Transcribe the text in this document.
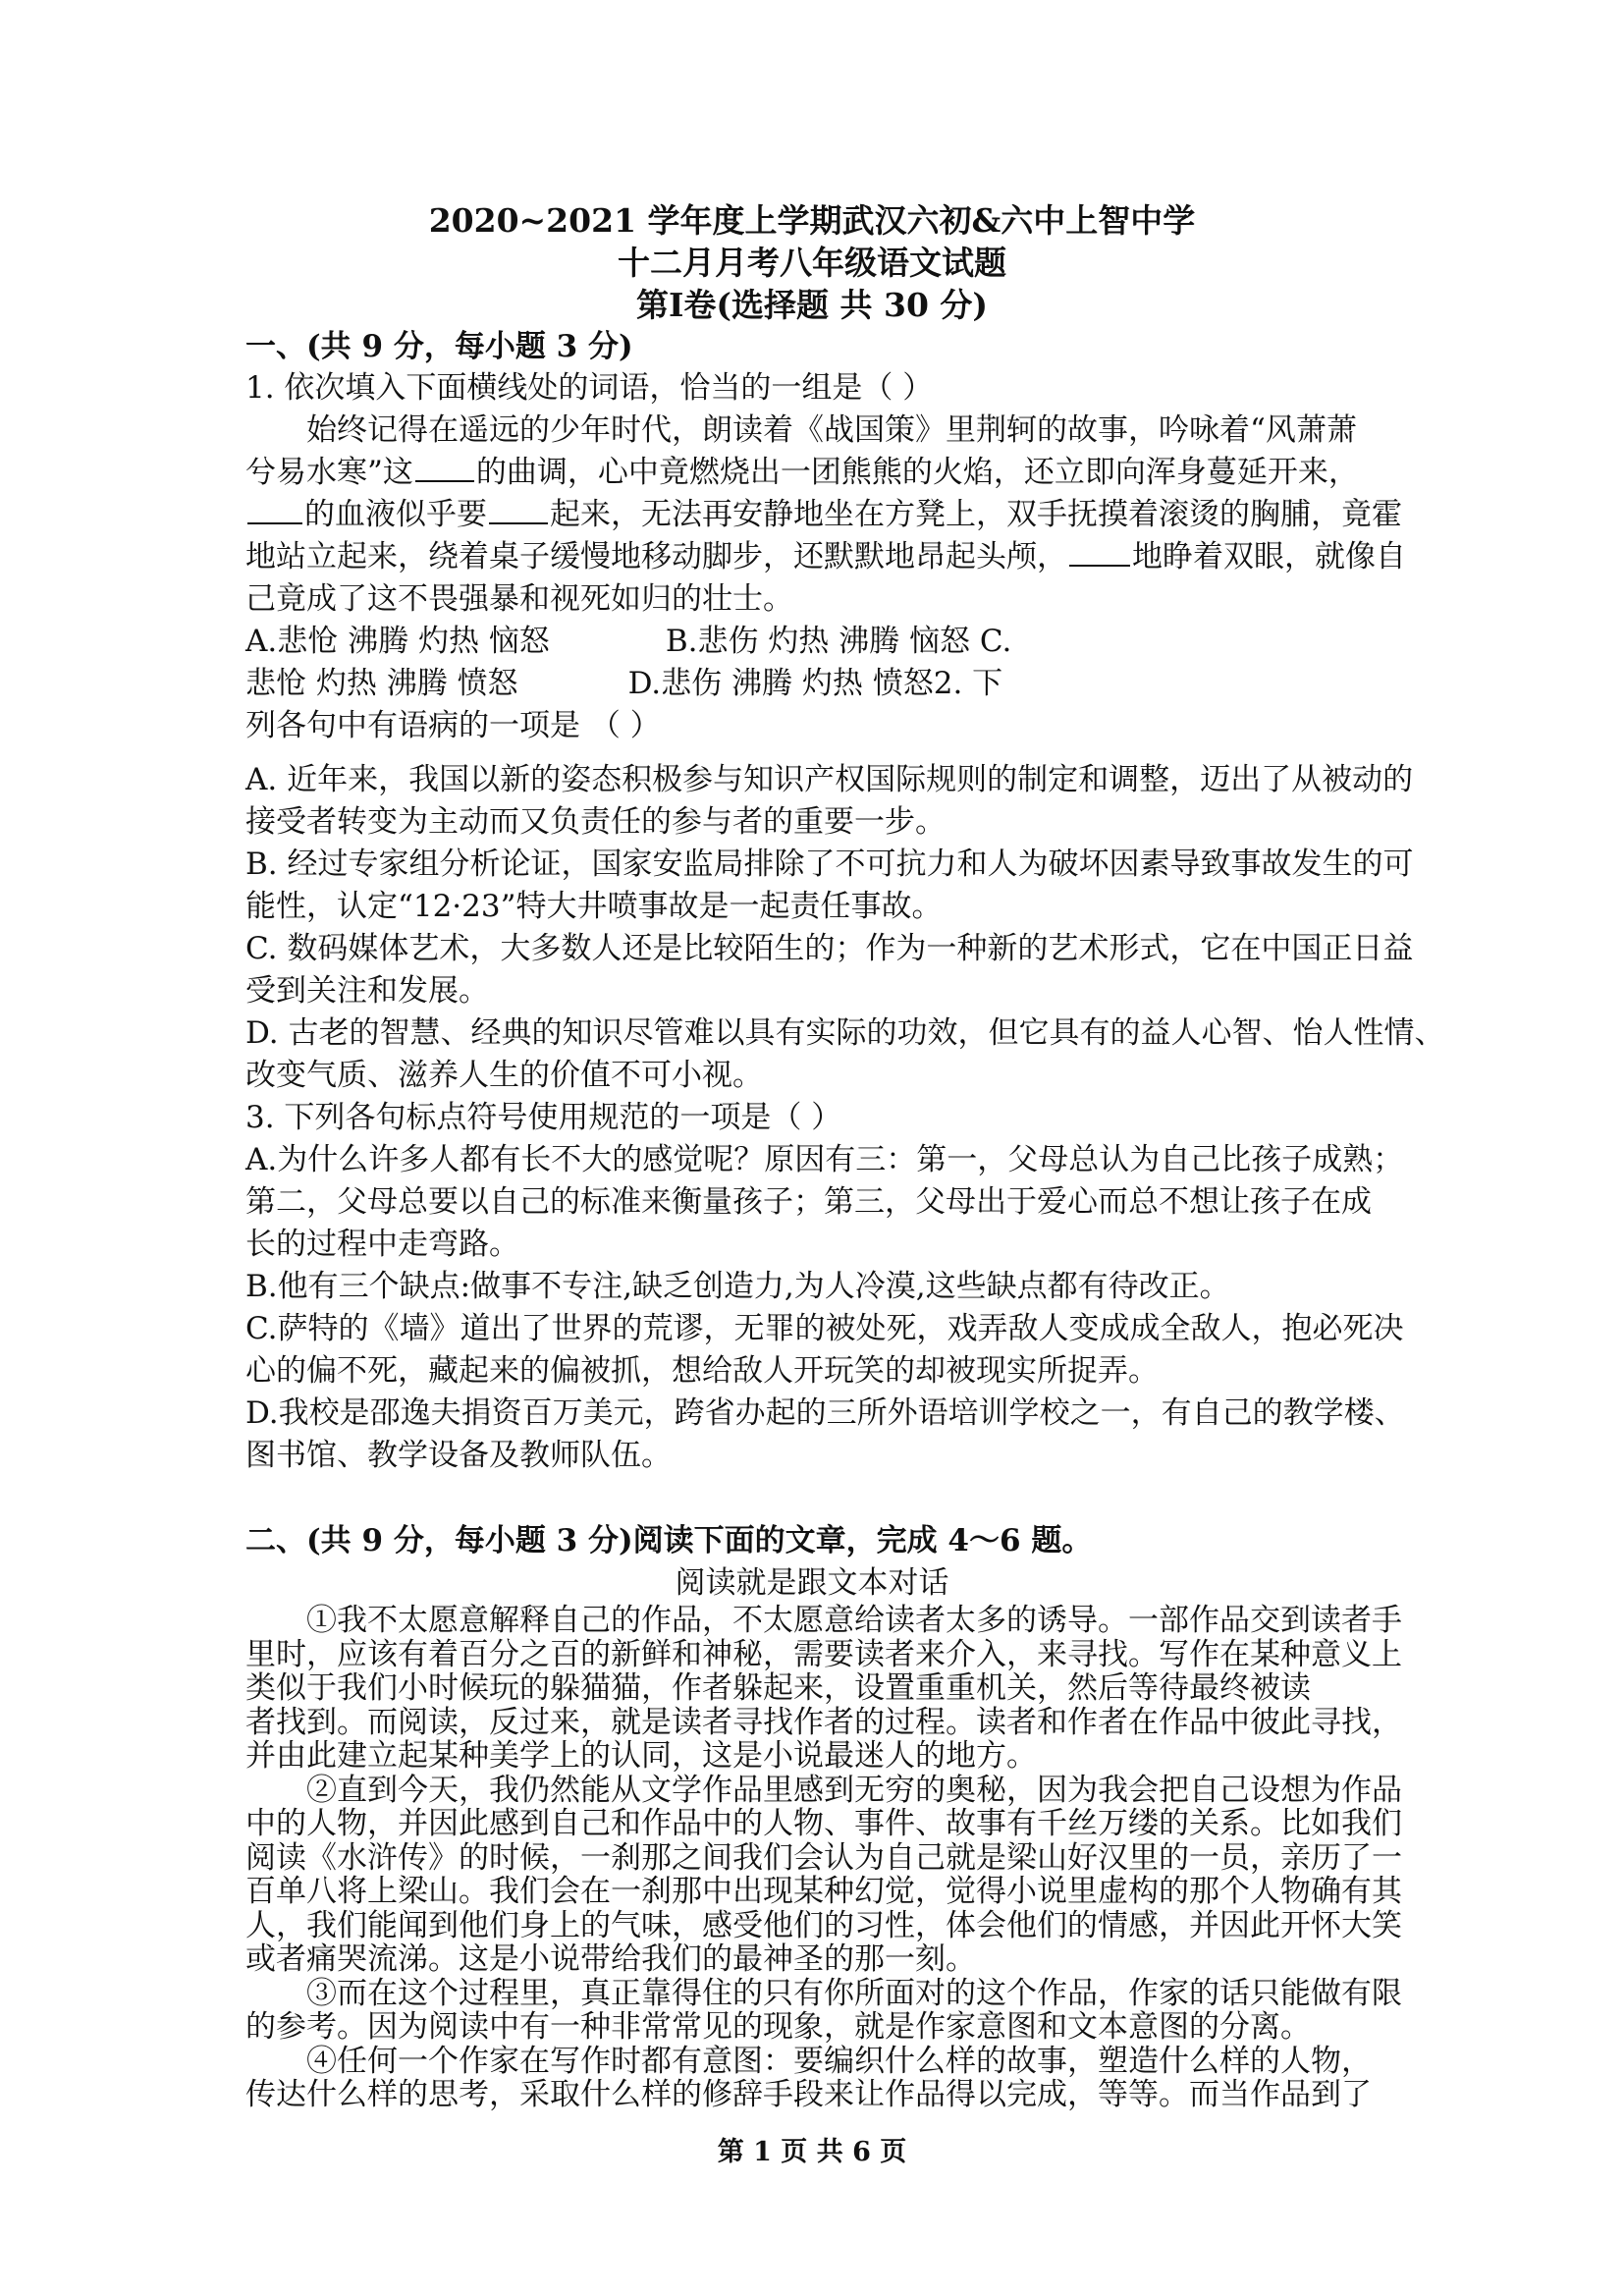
2020~2021 学年度上学期武汉六初&六中上智中学
十二月月考八年级语文试题
第Ⅰ卷(选择题 共 30 分)
一、(共 9 分，每小题 3 分)
1. 依次填入下面横线处的词语，恰当的一组是（ ）
始终记得在遥远的少年时代，朗读着《战国策》里荆轲的故事，吟咏着“风萧萧
兮易水寒”这 的曲调，心中竟燃烧出一团熊熊的火焰，还立即向浑身蔓延开来，
的血液似乎要 起来，无法再安静地坐在方凳上，双手抚摸着滚烫的胸脯，竟霍
地站立起来，绕着桌子缓慢地移动脚步，还默默地昂起头颅， 地睁着双眼，就像自
己竟成了这不畏强暴和视死如归的壮士。
A.悲怆 沸腾 灼热 恼怒	B.悲伤 灼热 沸腾 恼怒 C.
悲怆 灼热 沸腾 愤怒	D.悲伤 沸腾 灼热 愤怒2. 下
列各句中有语病的一项是 （ ）
A. 近年来，我国以新的姿态积极参与知识产权国际规则的制定和调整，迈出了从被动的
接受者转变为主动而又负责任的参与者的重要一步。
B. 经过专家组分析论证，国家安监局排除了不可抗力和人为破坏因素导致事故发生的可
能性，认定“12·23”特大井喷事故是一起责任事故。
C. 数码媒体艺术，大多数人还是比较陌生的；作为一种新的艺术形式，它在中国正日益
受到关注和发展。
D. 古老的智慧、经典的知识尽管难以具有实际的功效，但它具有的益人心智、怡人性情、
改变气质、滋养人生的价值不可小视。
3. 下列各句标点符号使用规范的一项是（ ）
A.为什么许多人都有长不大的感觉呢？原因有三：第一，父母总认为自己比孩子成熟；
第二，父母总要以自己的标准来衡量孩子；第三，父母出于爱心而总不想让孩子在成
长的过程中走弯路。
B.他有三个缺点:做事不专注,缺乏创造力,为人冷漠,这些缺点都有待改正。
C.萨特的《墙》道出了世界的荒谬，无罪的被处死，戏弄敌人变成成全敌人，抱必死决
心的偏不死，藏起来的偏被抓，想给敌人开玩笑的却被现实所捉弄。
D.我校是邵逸夫捐资百万美元，跨省办起的三所外语培训学校之一，有自己的教学楼、
图书馆、教学设备及教师队伍。
二、(共 9 分，每小题 3 分)阅读下面的文章，完成 4～6 题。
阅读就是跟文本对话
①我不太愿意解释自己的作品，不太愿意给读者太多的诱导。一部作品交到读者手
里时，应该有着百分之百的新鲜和神秘，需要读者来介入，来寻找。写作在某种意义上
类似于我们小时候玩的躲猫猫，作者躲起来，设置重重机关，然后等待最终被读
者找到。而阅读，反过来，就是读者寻找作者的过程。读者和作者在作品中彼此寻找，
并由此建立起某种美学上的认同，这是小说最迷人的地方。
②直到今天，我仍然能从文学作品里感到无穷的奥秘，因为我会把自己设想为作品
中的人物，并因此感到自己和作品中的人物、事件、故事有千丝万缕的关系。比如我们
阅读《水浒传》的时候，一刹那之间我们会认为自己就是梁山好汉里的一员，亲历了一
百单八将上梁山。我们会在一刹那中出现某种幻觉，觉得小说里虚构的那个人物确有其
人，我们能闻到他们身上的气味，感受他们的习性，体会他们的情感，并因此开怀大笑
或者痛哭流涕。这是小说带给我们的最神圣的那一刻。
第 1 页 共 6 页
③而在这个过程里，真正靠得住的只有你所面对的这个作品，作家的话只能做有限
的参考。因为阅读中有一种非常常见的现象，就是作家意图和文本意图的分离。
④任何一个作家在写作时都有意图：要编织什么样的故事，塑造什么样的人物，
传达什么样的思考，采取什么样的修辞手段来让作品得以完成，等等。而当作品到了
